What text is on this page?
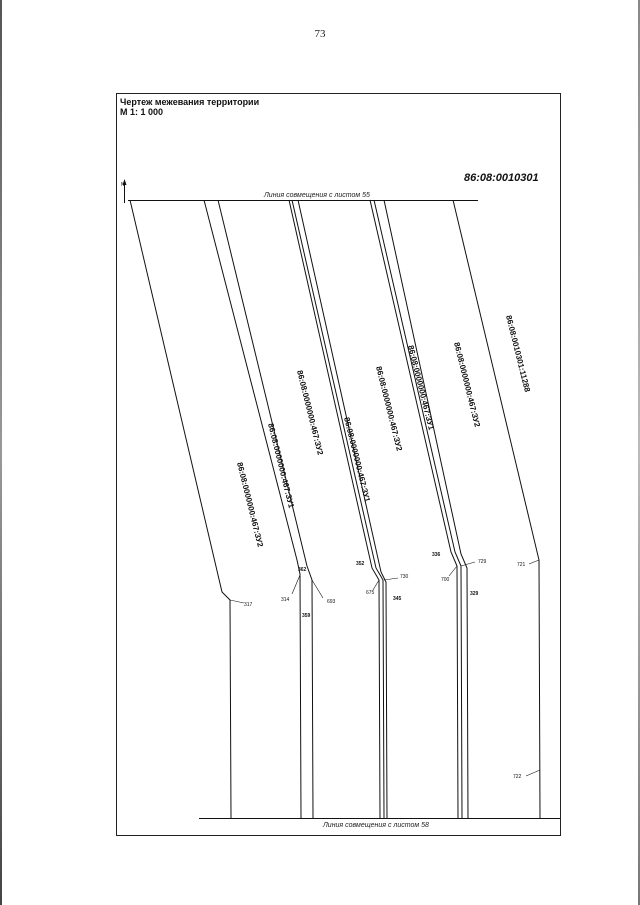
73
Чертеж межевания территории
М 1: 1 000
N
86:08:0010301
Линия совмещения с листом 55
Линия совмещения с листом 58
86:08:0000000:467:ЗУ2 86:08:0000000:467:ЗУ1
86:08:0000000:467:ЗУ2
86:08:0000000:467:ЗУ1
86:08:0000000:467:ЗУ2 86:08:0000000:467:ЗУ1 86:08:0000000:467:ЗУ2	86:08:0010301:11288
317
314
362
359
693
352
675
730
345
336
700
729
329
721
722
